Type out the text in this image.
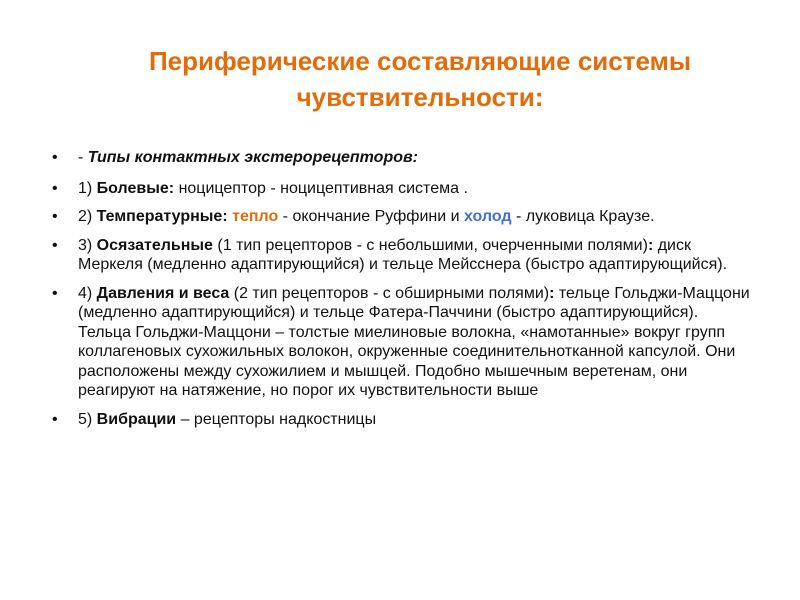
Периферические составляющие системы
чувствительности:
• - Типы контактных экстерорецепторов:
• 1) Болевые: ноцицептор - ноцицептивная система .
• 2) Температурные: тепло - окончание Руффини и холод - луковица Краузе.
• 3) Осязательные (1 тип рецепторов - с небольшими, очерченными полями): диск Меркеля (медленно адаптирующийся) и тельце Мейсснера (быстро адаптирующийся).
• 4) Давления и веса (2 тип рецепторов - с обширными полями): тельце Гольджи-Маццони (медленно адаптирующийся) и тельце Фатера-Паччини (быстро адаптирующийся). Тельца Гольджи-Маццони – толстые миелиновые волокна, «намотанные» вокруг групп коллагеновых сухожильных волокон, окруженные соединительнотканной капсулой. Они расположены между сухожилием и мышцей. Подобно мышечным веретенам, они реагируют на натяжение, но порог их чувствительности выше
• 5) Вибрации – рецепторы надкостницы
